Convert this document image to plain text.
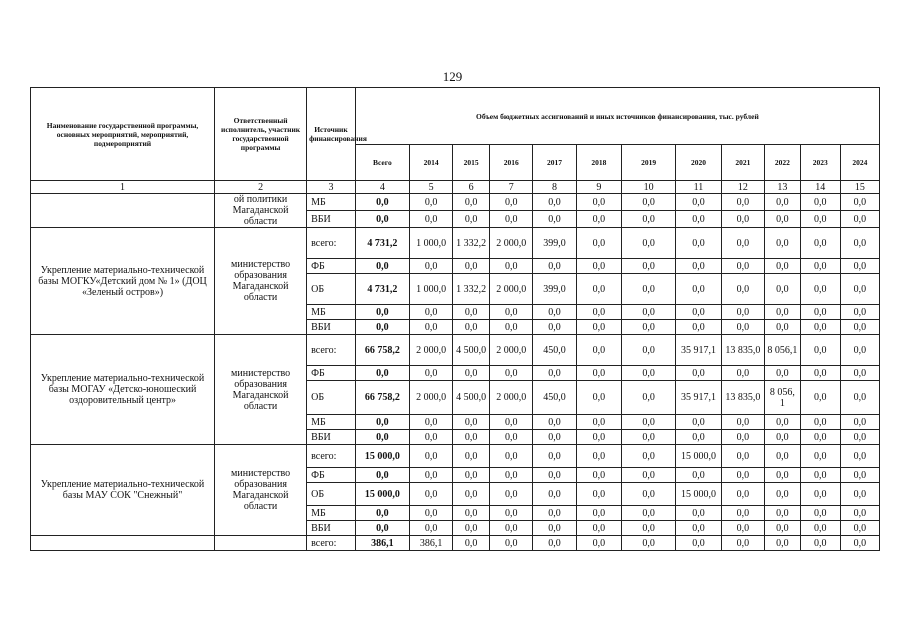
129
Наименование государственной программы, основных мероприятий, мероприятий, подмероприятий	Ответственный исполнитель, участник государственной программы	Источник финансирования	Объем бюджетных ассигнований и иных источников финансирования, тыс. рублей											
			Всего	2014	2015	2016	2017	2018	2019	2020	2021	2022	2023	2024
1	2	3	4	5	6	7	8	9	10	11	12	13	14	15
	ой политики Магаданской области	МБ	0,0	0,0	0,0	0,0	0,0	0,0	0,0	0,0	0,0	0,0	0,0	0,0
		ВБИ	0,0	0,0	0,0	0,0	0,0	0,0	0,0	0,0	0,0	0,0	0,0	0,0
Укрепление материально-технической базы МОГКУ«Детский дом № 1» (ДОЦ «Зеленый остров»)	министерство образования Магаданской области	всего:	4 731,2	1 000,0	1 332,2	2 000,0	399,0	0,0	0,0	0,0	0,0	0,0	0,0	0,0
		ФБ	0,0	0,0	0,0	0,0	0,0	0,0	0,0	0,0	0,0	0,0	0,0	0,0
		ОБ	4 731,2	1 000,0	1 332,2	2 000,0	399,0	0,0	0,0	0,0	0,0	0,0	0,0	0,0
		МБ	0,0	0,0	0,0	0,0	0,0	0,0	0,0	0,0	0,0	0,0	0,0	0,0
		ВБИ	0,0	0,0	0,0	0,0	0,0	0,0	0,0	0,0	0,0	0,0	0,0	0,0
Укрепление материально-технической базы МОГАУ «Детско-юношеский оздоровительный центр»	министерство образования Магаданской области	всего:	66 758,2	2 000,0	4 500,0	2 000,0	450,0	0,0	0,0	35 917,1	13 835,0	8 056,1	0,0	0,0
		ФБ	0,0	0,0	0,0	0,0	0,0	0,0	0,0	0,0	0,0	0,0	0,0	0,0
		ОБ	66 758,2	2 000,0	4 500,0	2 000,0	450,0	0,0	0,0	35 917,1	13 835,0	8 056, 1	0,0	0,0
		МБ	0,0	0,0	0,0	0,0	0,0	0,0	0,0	0,0	0,0	0,0	0,0	0,0
		ВБИ	0,0	0,0	0,0	0,0	0,0	0,0	0,0	0,0	0,0	0,0	0,0	0,0
Укрепление материально-технической базы МАУ СОК "Снежный"	министерство образования Магаданской области	всего:	15 000,0	0,0	0,0	0,0	0,0	0,0	0,0	15 000,0	0,0	0,0	0,0	0,0
		ФБ	0,0	0,0	0,0	0,0	0,0	0,0	0,0	0,0	0,0	0,0	0,0	0,0
		ОБ	15 000,0	0,0	0,0	0,0	0,0	0,0	0,0	15 000,0	0,0	0,0	0,0	0,0
		МБ	0,0	0,0	0,0	0,0	0,0	0,0	0,0	0,0	0,0	0,0	0,0	0,0
		ВБИ	0,0	0,0	0,0	0,0	0,0	0,0	0,0	0,0	0,0	0,0	0,0	0,0
		всего:	386,1	386,1	0,0	0,0	0,0	0,0	0,0	0,0	0,0	0,0	0,0	0,0
